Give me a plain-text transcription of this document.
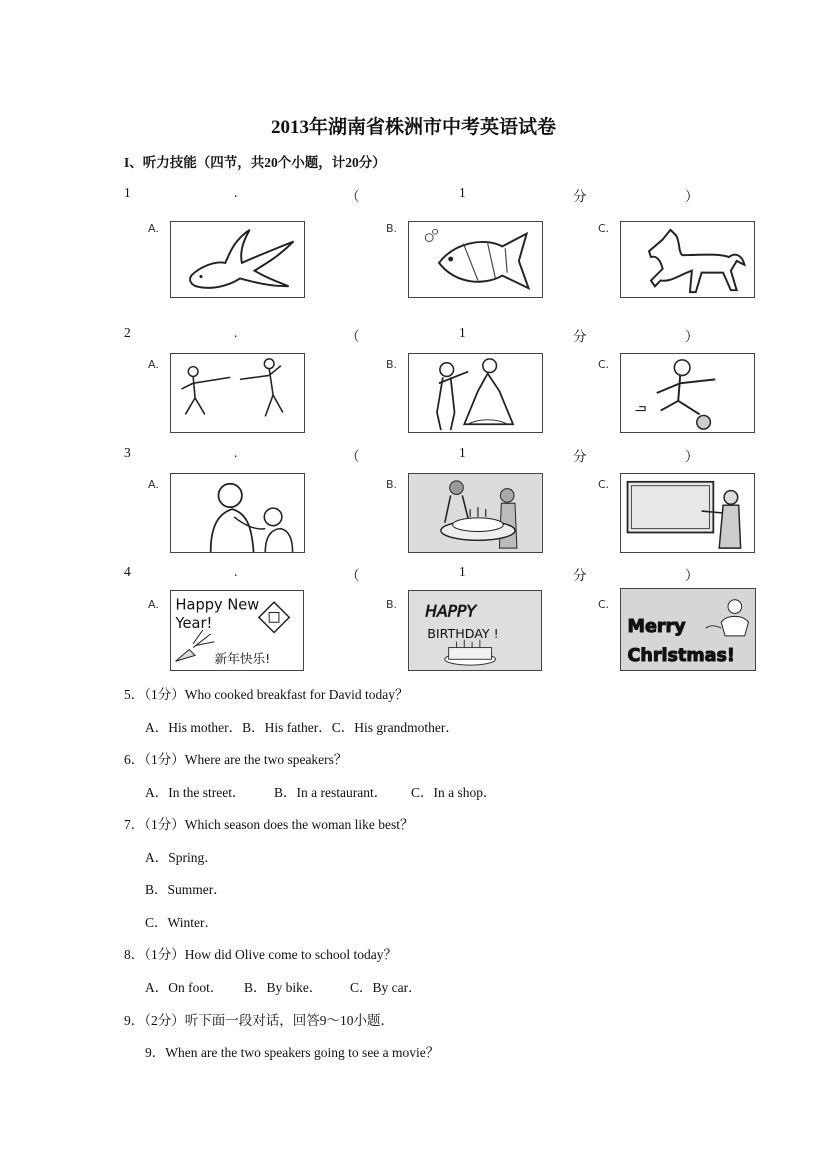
2013年湖南省株洲市中考英语试卷
I、听力技能（四节，共20个小题，计20分）
1	.	（	1	分	）
A.	B.	C.
2	.	（	1	分	）
A.	B.	C.
3	.	（	1	分	）
A.	B.	C.
4	.	（	1	分	）
A. Happy New
Year!
新年快乐!
B. HAPPY
BIRTHDAY !
C.
Merry
Christmas!
5．（1分）Who cooked breakfast for David today？
A．His mother．B．His father．C．His grandmother．
6．（1分）Where are the two speakers？
A．In the street． B．In a restaurant． C．In a shop．
7．（1分）Which season does the woman like best？
A．Spring．
B．Summer．
C．Winter．
8．（1分）How did Olive come to school today？
A．On foot． B．By bike． C．By car．
9．（2分）听下面一段对话，回答9～10小题．
9．When are the two speakers going to see a movie？
